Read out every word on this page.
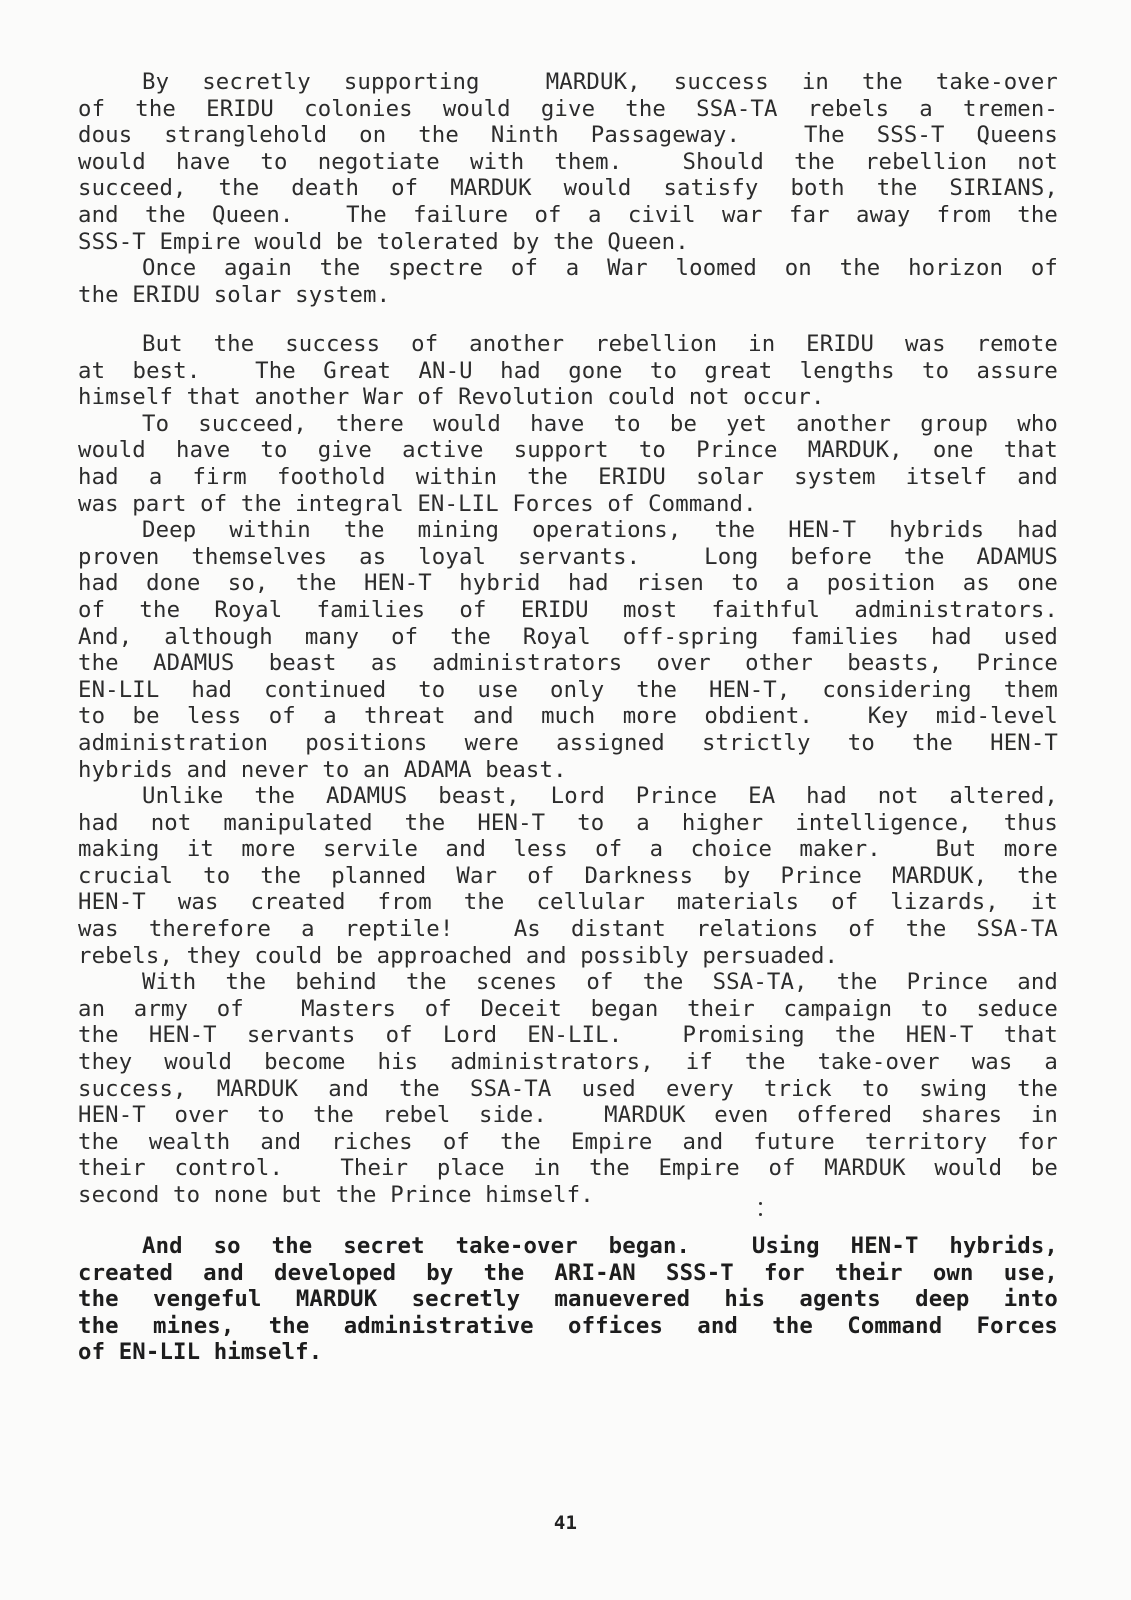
By secretly supporting  MARDUK, success in the take-over
of the ERIDU colonies would give the SSA-TA rebels a tremen-
dous stranglehold on the Ninth Passageway.  The SSS-T Queens
would have to negotiate with them.  Should the rebellion not
succeed, the death of MARDUK would satisfy both the SIRIANS,
and the Queen.  The failure of a civil war far away from the
SSS-T Empire would be tolerated by the Queen.
Once again the spectre of a War loomed on the horizon of
the ERIDU solar system.
But the success of another rebellion in ERIDU was remote
at best.  The Great AN-U had gone to great lengths to assure
himself that another War of Revolution could not occur.
To succeed, there would have to be yet another group who
would have to give active support to Prince MARDUK, one that
had a firm foothold within the ERIDU solar system itself and
was part of the integral EN-LIL Forces of Command.
Deep within the mining operations, the HEN-T hybrids had
proven themselves as loyal servants.  Long before the ADAMUS
had done so, the HEN-T hybrid had risen to a position as one
of the Royal families of ERIDU most faithful administrators.
And, although many of the Royal off-spring families had used
the ADAMUS beast as administrators over other beasts, Prince
EN-LIL had continued to use only the HEN-T, considering them
to be less of a threat and much more obdient.  Key mid-level
administration positions were assigned strictly to the HEN-T
hybrids and never to an ADAMA beast.
Unlike the ADAMUS beast, Lord Prince EA had not altered,
had not manipulated the HEN-T to a higher intelligence, thus
making it more servile and less of a choice maker.  But more
crucial to the planned War of Darkness by Prince MARDUK, the
HEN-T was created from the cellular materials of lizards, it
was therefore a reptile!  As distant relations of the SSA-TA
rebels, they could be approached and possibly persuaded.
With the behind the scenes of the SSA-TA, the Prince and
an army of  Masters of Deceit began their campaign to seduce
the HEN-T servants of Lord EN-LIL.  Promising the HEN-T that
they would become his administrators, if the take-over was a
success, MARDUK and the SSA-TA used every trick to swing the
HEN-T over to the rebel side.  MARDUK even offered shares in
the wealth and riches of the Empire and future territory for
their control.  Their place in the Empire of MARDUK would be
second to none but the Prince himself.
And so the secret take-over began.  Using HEN-T hybrids,
created and developed by the ARI-AN SSS-T for their own use,
the vengeful MARDUK secretly manuevered his agents deep into
the mines, the administrative offices and the Command Forces
of EN-LIL himself.
41
